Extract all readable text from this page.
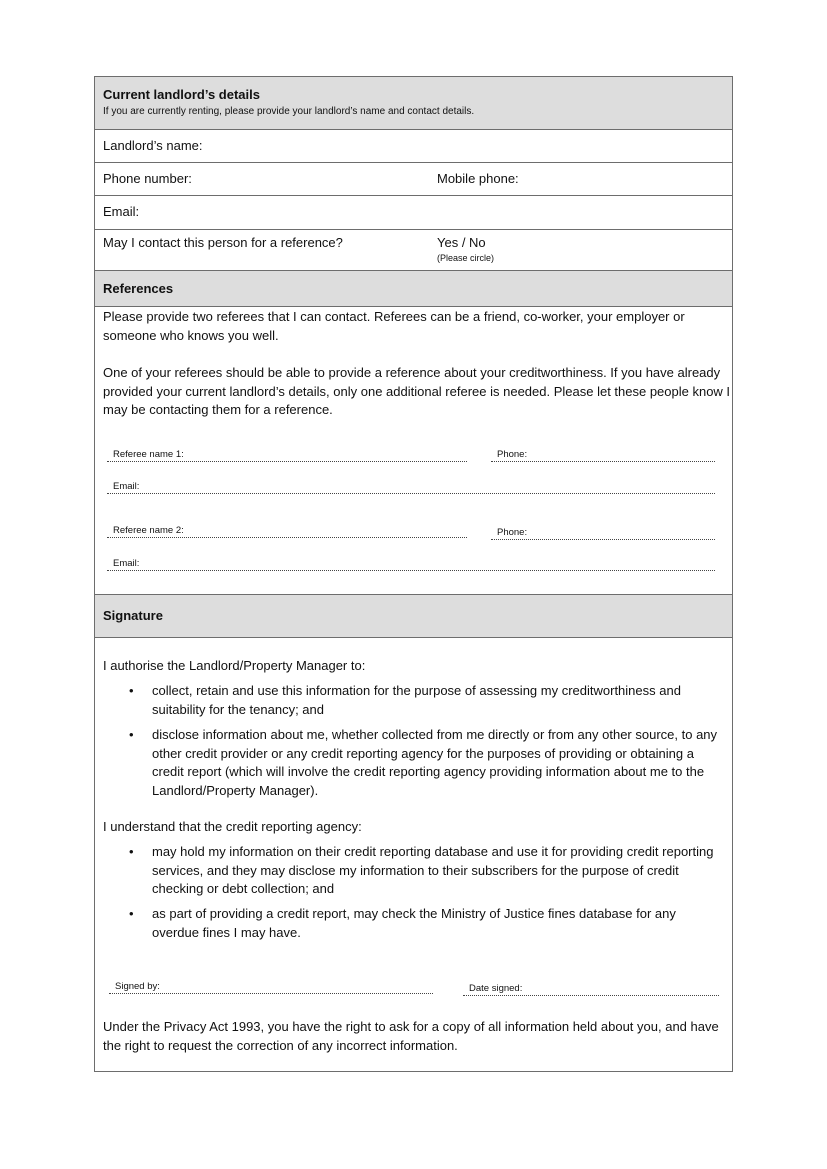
Current landlord’s details
If you are currently renting, please provide your landlord’s name and contact details.
Landlord’s name:
Phone number:	Mobile phone:
Email:
May I contact this person for a reference?	Yes / No
(Please circle)
References
Please provide two referees that I can contact. Referees can be a friend, co-worker, your employer or someone who knows you well.
One of your referees should be able to provide a reference about your creditworthiness. If you have already provided your current landlord’s details, only one additional referee is needed. Please let these people know I may be contacting them for a reference.
Referee name 1:	Phone:
Email:
Referee name 2:	Phone:
Email:
Signature
I authorise the Landlord/Property Manager to:
• collect, retain and use this information for the purpose of assessing my creditworthiness and suitability for the tenancy; and
• disclose information about me, whether collected from me directly or from any other source, to any other credit provider or any credit reporting agency for the purposes of providing or obtaining a credit report (which will involve the credit reporting agency providing information about me to the Landlord/Property Manager).
I understand that the credit reporting agency:
• may hold my information on their credit reporting database and use it for providing credit reporting services, and they may disclose my information to their subscribers for the purpose of credit checking or debt collection; and
• as part of providing a credit report, may check the Ministry of Justice fines database for any overdue fines I may have.
Signed by:	Date signed:
Under the Privacy Act 1993, you have the right to ask for a copy of all information held about you, and have the right to request the correction of any incorrect information.
